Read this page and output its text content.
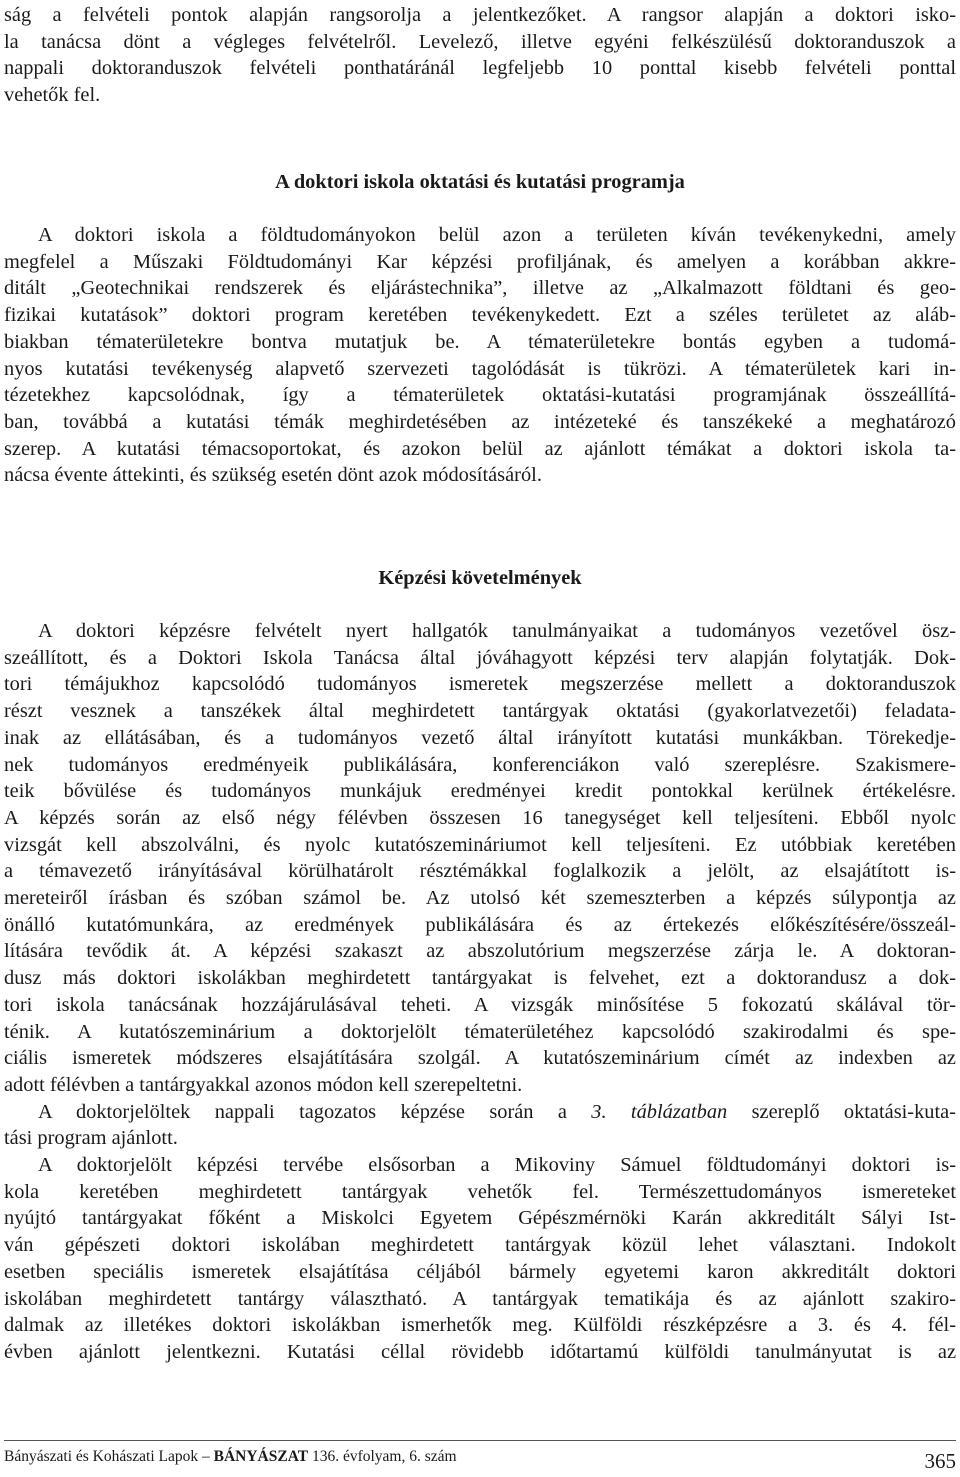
ság a felvételi pontok alapján rangsorolja a jelentkezőket. A rangsor alapján a doktori isko-
la tanácsa dönt a végleges felvételről. Levelező, illetve egyéni felkészülésű doktoranduszok a
nappali doktoranduszok felvételi ponthatáránál legfeljebb 10 ponttal kisebb felvételi ponttal
vehetők fel.
A doktori iskola oktatási és kutatási programja
A doktori iskola a földtudományokon belül azon a területen kíván tevékenykedni, amely
megfelel a Műszaki Földtudományi Kar képzési profiljának, és amelyen a korábban akkre-
ditált „Geotechnikai rendszerek és eljárástechnika”, illetve az „Alkalmazott földtani és geo-
fizikai kutatások” doktori program keretében tevékenykedett. Ezt a széles területet az aláb-
biakban tématerületekre bontva mutatjuk be. A tématerületekre bontás egyben a tudomá-
nyos kutatási tevékenység alapvető szervezeti tagolódását is tükrözi. A tématerületek kari in-
tézetekhez kapcsolódnak, így a tématerületek oktatási-kutatási programjának összeállítá-
ban, továbbá a kutatási témák meghirdetésében az intézeteké és tanszékeké a meghatározó
szerep. A kutatási témacsoportokat, és azokon belül az ajánlott témákat a doktori iskola ta-
nácsa évente áttekinti, és szükség esetén dönt azok módosításáról.
Képzési követelmények
A doktori képzésre felvételt nyert hallgatók tanulmányaikat a tudományos vezetővel ösz-
szeállított, és a Doktori Iskola Tanácsa által jóváhagyott képzési terv alapján folytatják. Dok-
tori témájukhoz kapcsolódó tudományos ismeretek megszerzése mellett a doktoranduszok
részt vesznek a tanszékek által meghirdetett tantárgyak oktatási (gyakorlatvezetői) feladata-
inak az ellátásában, és a tudományos vezető által irányított kutatási munkákban. Törekedje-
nek tudományos eredményeik publikálására, konferenciákon való szereplésre. Szakismere-
teik bővülése és tudományos munkájuk eredményei kredit pontokkal kerülnek értékelésre.
A képzés során az első négy félévben összesen 16 tanegységet kell teljesíteni. Ebből nyolc
vizsgát kell abszolválni, és nyolc kutatószemináriumot kell teljesíteni. Ez utóbbiak keretében
a témavezető irányításával körülhatárolt résztémákkal foglalkozik a jelölt, az elsajátított is-
mereteiről írásban és szóban számol be. Az utolsó két szemeszterben a képzés súlypontja az
önálló kutatómunkára, az eredmények publikálására és az értekezés előkészítésére/összeál-
lítására tevődik át. A képzési szakaszt az abszolutórium megszerzése zárja le. A doktoran-
dusz más doktori iskolákban meghirdetett tantárgyakat is felvehet, ezt a doktorandusz a dok-
tori iskola tanácsának hozzájárulásával teheti. A vizsgák minősítése 5 fokozatú skálával tör-
ténik. A kutatószeminárium a doktorjelölt tématerületéhez kapcsolódó szakirodalmi és spe-
ciális ismeretek módszeres elsajátítására szolgál. A kutatószeminárium címét az indexben az
adott félévben a tantárgyakkal azonos módon kell szerepeltetni.
A doktorjelöltek nappali tagozatos képzése során a 3. táblázatban szereplő oktatási-kuta-
tási program ajánlott.
A doktorjelölt képzési tervébe elsősorban a Mikoviny Sámuel földtudományi doktori is-
kola keretében meghirdetett tantárgyak vehetők fel. Természettudományos ismereteket
nyújtó tantárgyakat főként a Miskolci Egyetem Gépészmérnöki Karán akkreditált Sályi Ist-
ván gépészeti doktori iskolában meghirdetett tantárgyak közül lehet választani. Indokolt
esetben speciális ismeretek elsajátítása céljából bármely egyetemi karon akkreditált doktori
iskolában meghirdetett tantárgy választható. A tantárgyak tematikája és az ajánlott szakiro-
dalmak az illetékes doktori iskolákban ismerhetők meg. Külföldi részképzésre a 3. és 4. fél-
évben ajánlott jelentkezni. Kutatási céllal rövidebb időtartamú külföldi tanulmányutat is az
Bányászati és Kohászati Lapok – BÁNYÁSZAT 136. évfolyam, 6. szám	365
